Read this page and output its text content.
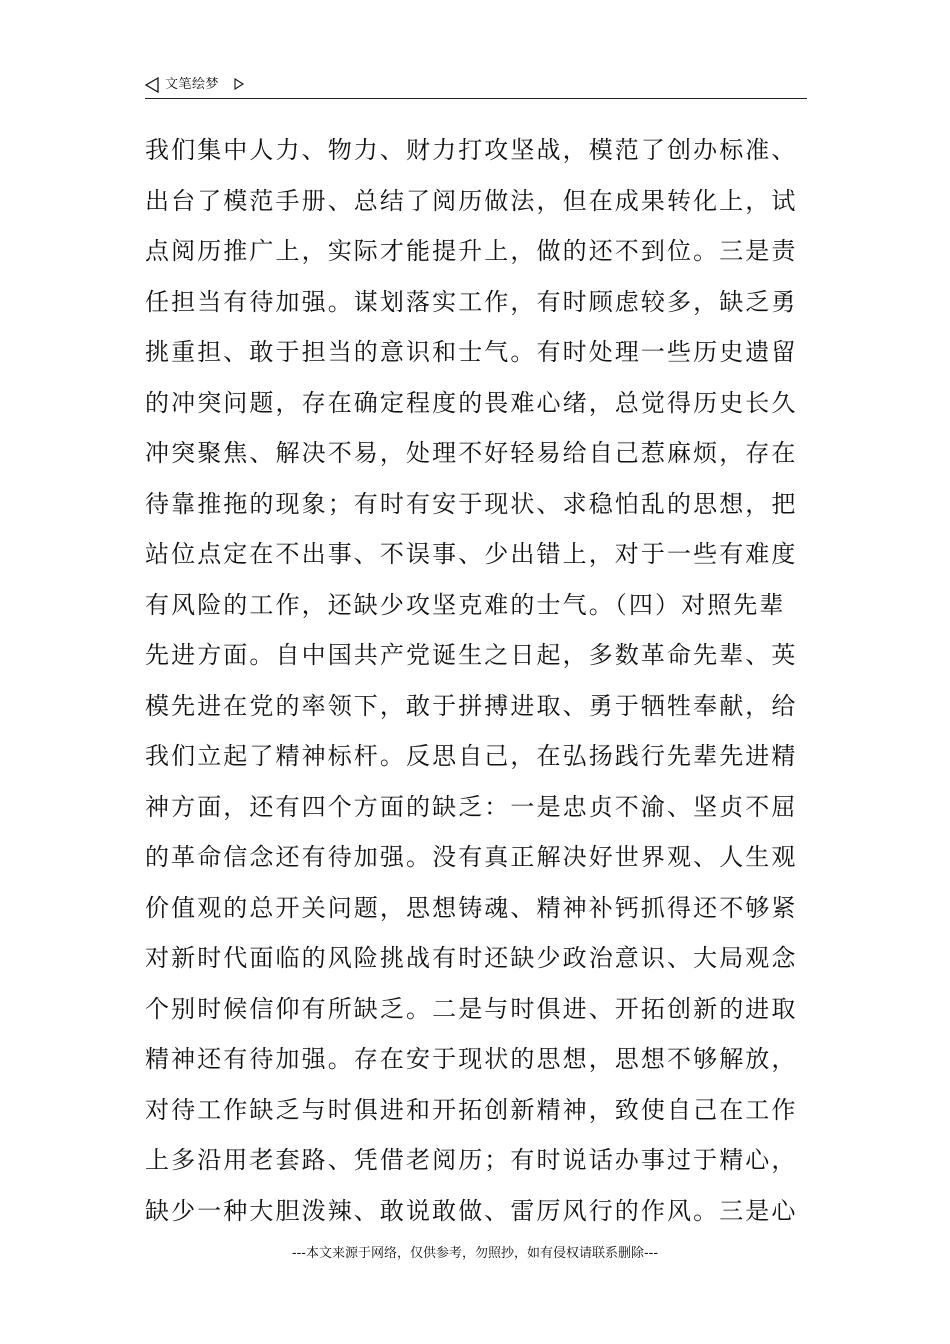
文笔绘梦
我们集中人力、物力、财力打攻坚战，模范了创办标准、
出台了模范手册、总结了阅历做法，但在成果转化上，试
点阅历推广上，实际才能提升上，做的还不到位。三是责
任担当有待加强。谋划落实工作，有时顾虑较多，缺乏勇
挑重担、敢于担当的意识和士气。有时处理一些历史遗留
的冲突问题，存在确定程度的畏难心绪，总觉得历史长久
冲突聚焦、解决不易，处理不好轻易给自己惹麻烦，存在
待靠推拖的现象；有时有安于现状、求稳怕乱的思想，把
站位点定在不出事、不误事、少出错上，对于一些有难度
有风险的工作，还缺少攻坚克难的士气。（四）对照先辈
先进方面。自中国共产党诞生之日起，多数革命先辈、英
模先进在党的率领下，敢于拼搏进取、勇于牺牲奉献，给
我们立起了精神标杆。反思自己，在弘扬践行先辈先进精
神方面，还有四个方面的缺乏：一是忠贞不渝、坚贞不屈
的革命信念还有待加强。没有真正解决好世界观、人生观
价值观的总开关问题，思想铸魂、精神补钙抓得还不够紧
对新时代面临的风险挑战有时还缺少政治意识、大局观念
个别时候信仰有所缺乏。二是与时俱进、开拓创新的进取
精神还有待加强。存在安于现状的思想，思想不够解放，
对待工作缺乏与时俱进和开拓创新精神，致使自己在工作
上多沿用老套路、凭借老阅历；有时说话办事过于精心，
缺少一种大胆泼辣、敢说敢做、雷厉风行的作风。三是心
---本文来源于网络，仅供参考，勿照抄，如有侵权请联系删除---
